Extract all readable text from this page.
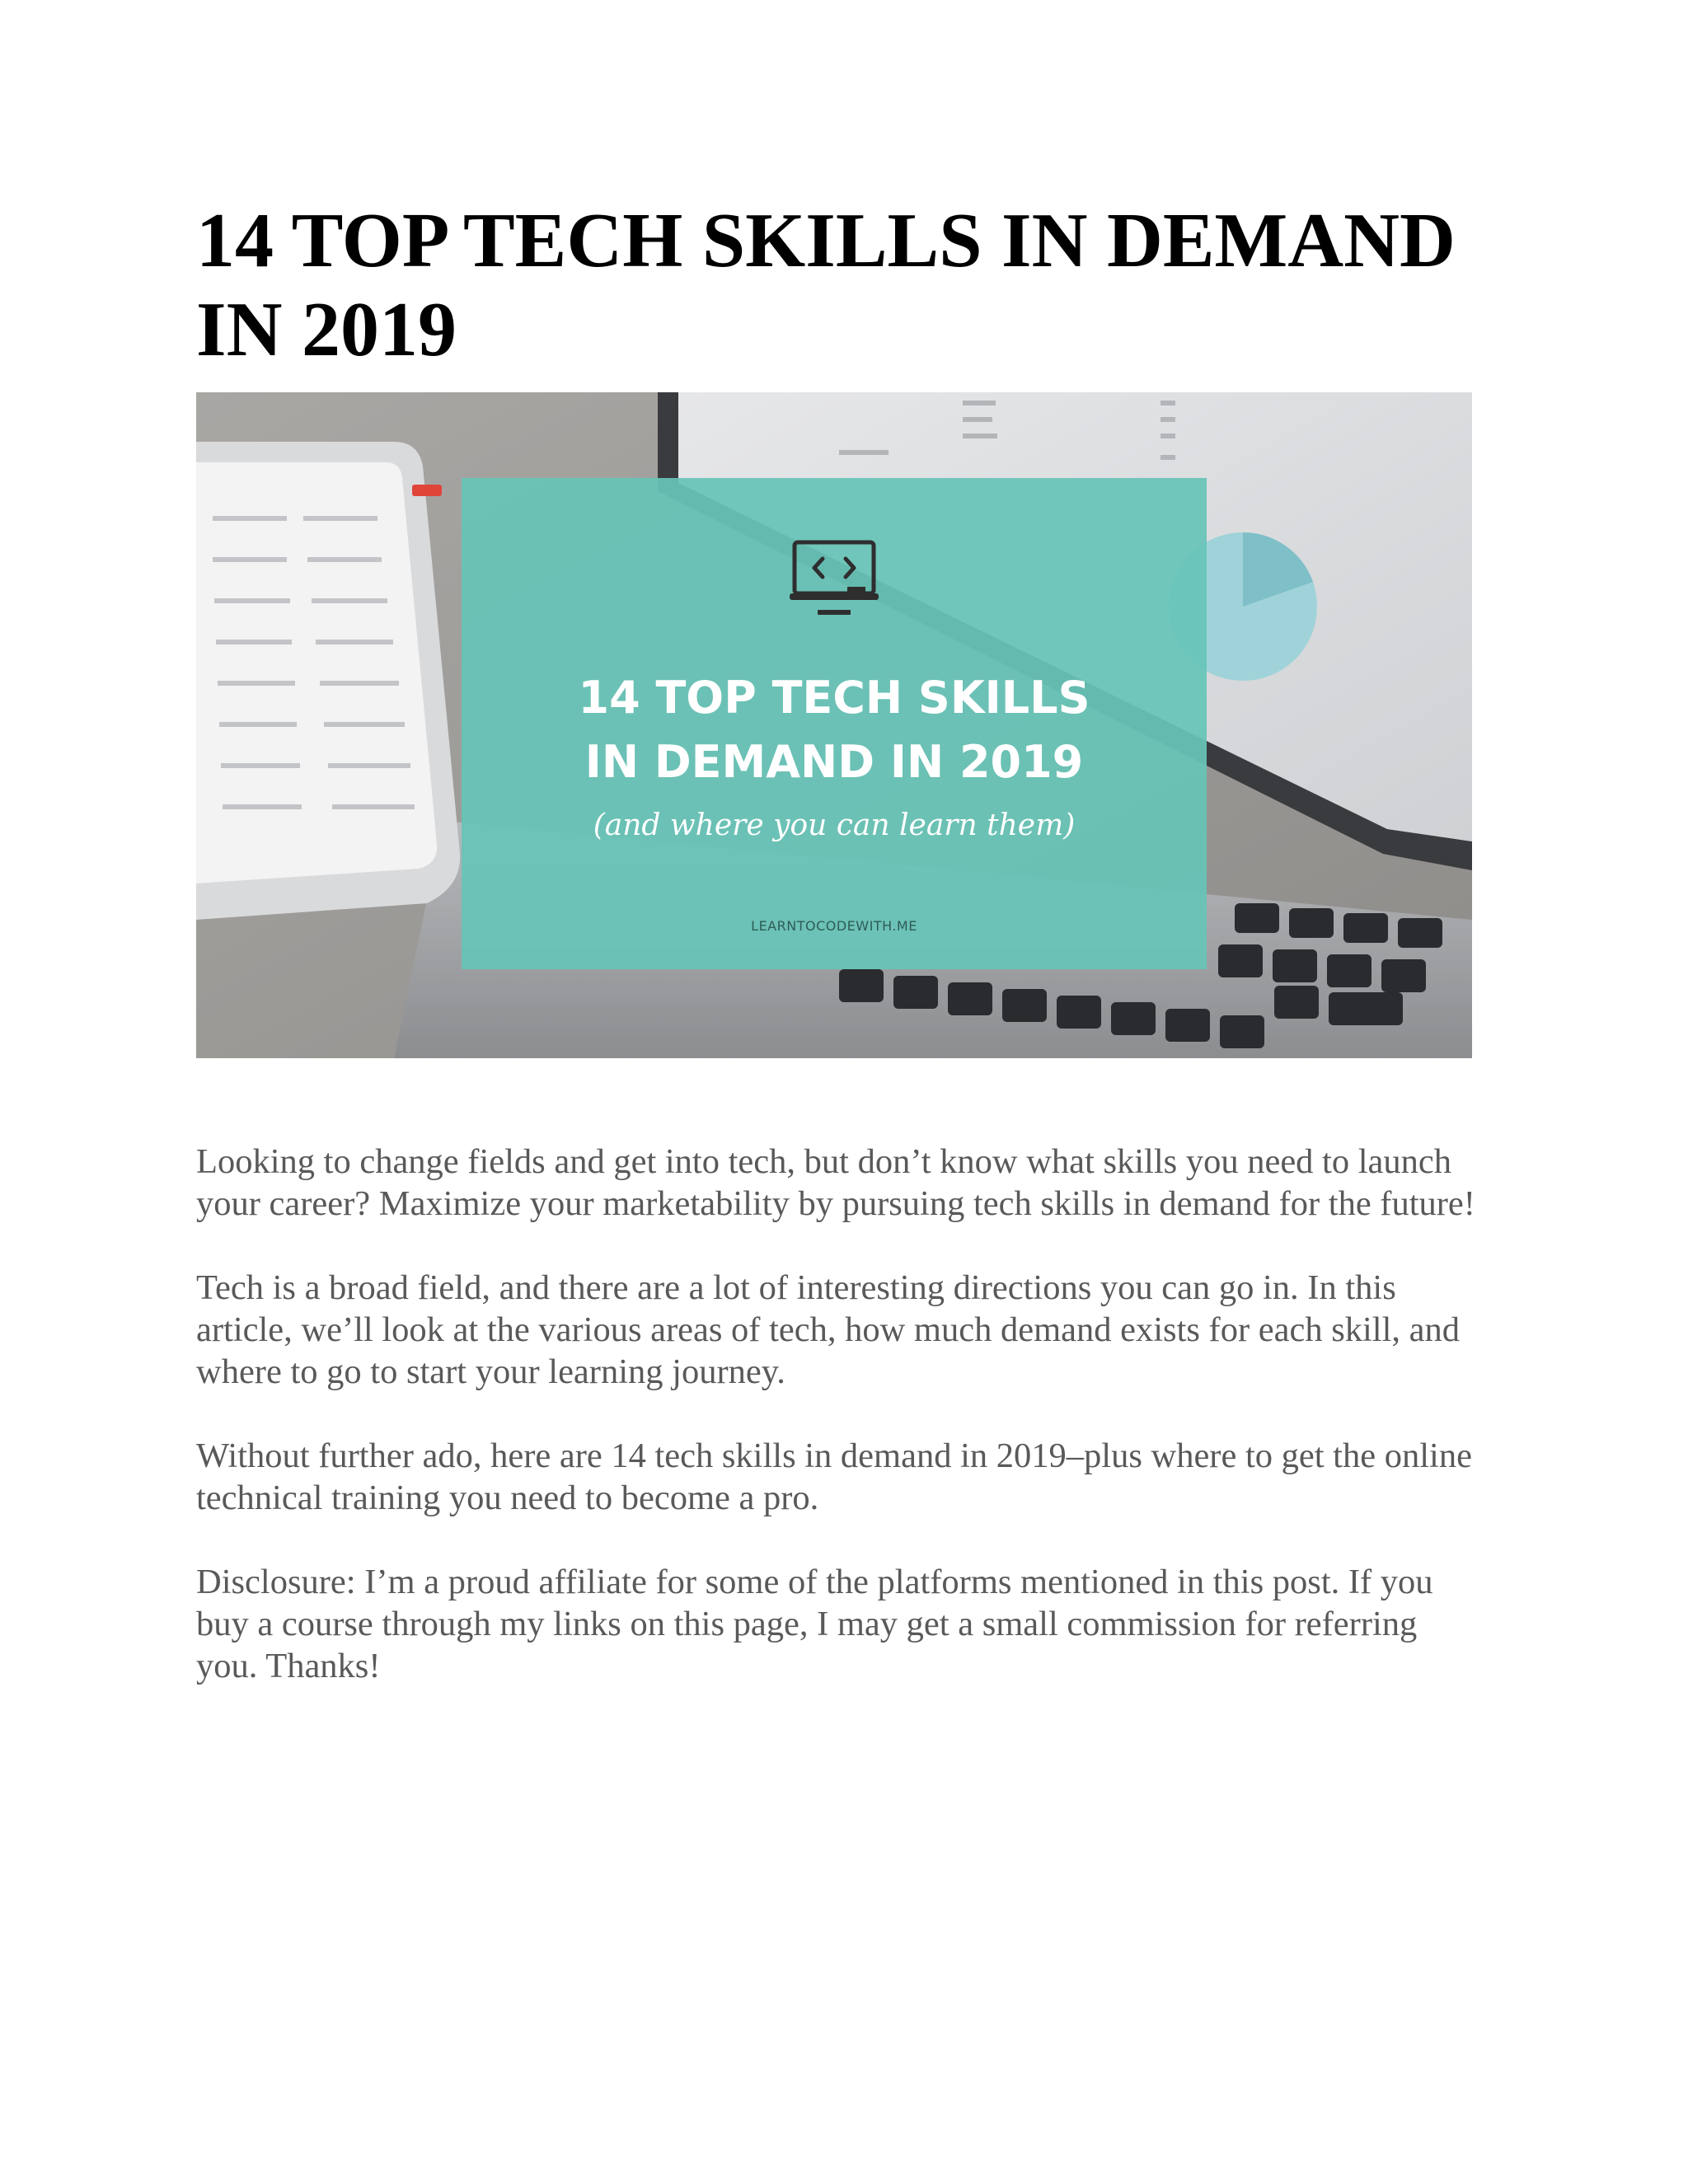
14 TOP TECH SKILLS IN DEMAND IN 2019
14 TOP TECH SKILLS
IN DEMAND IN 2019
(and where you can learn them)
LEARNTOCODEWITH.ME

Looking to change fields and get into tech, but don’t know what skills you need to launch your career? Maximize your marketability by pursuing tech skills in demand for the future!

Tech is a broad field, and there are a lot of interesting directions you can go in. In this article, we’ll look at the various areas of tech, how much demand exists for each skill, and where to go to start your learning journey.

Without further ado, here are 14 tech skills in demand in 2019–plus where to get the online technical training you need to become a pro.

Disclosure: I’m a proud affiliate for some of the platforms mentioned in this post. If you buy a course through my links on this page, I may get a small commission for referring you. Thanks!
